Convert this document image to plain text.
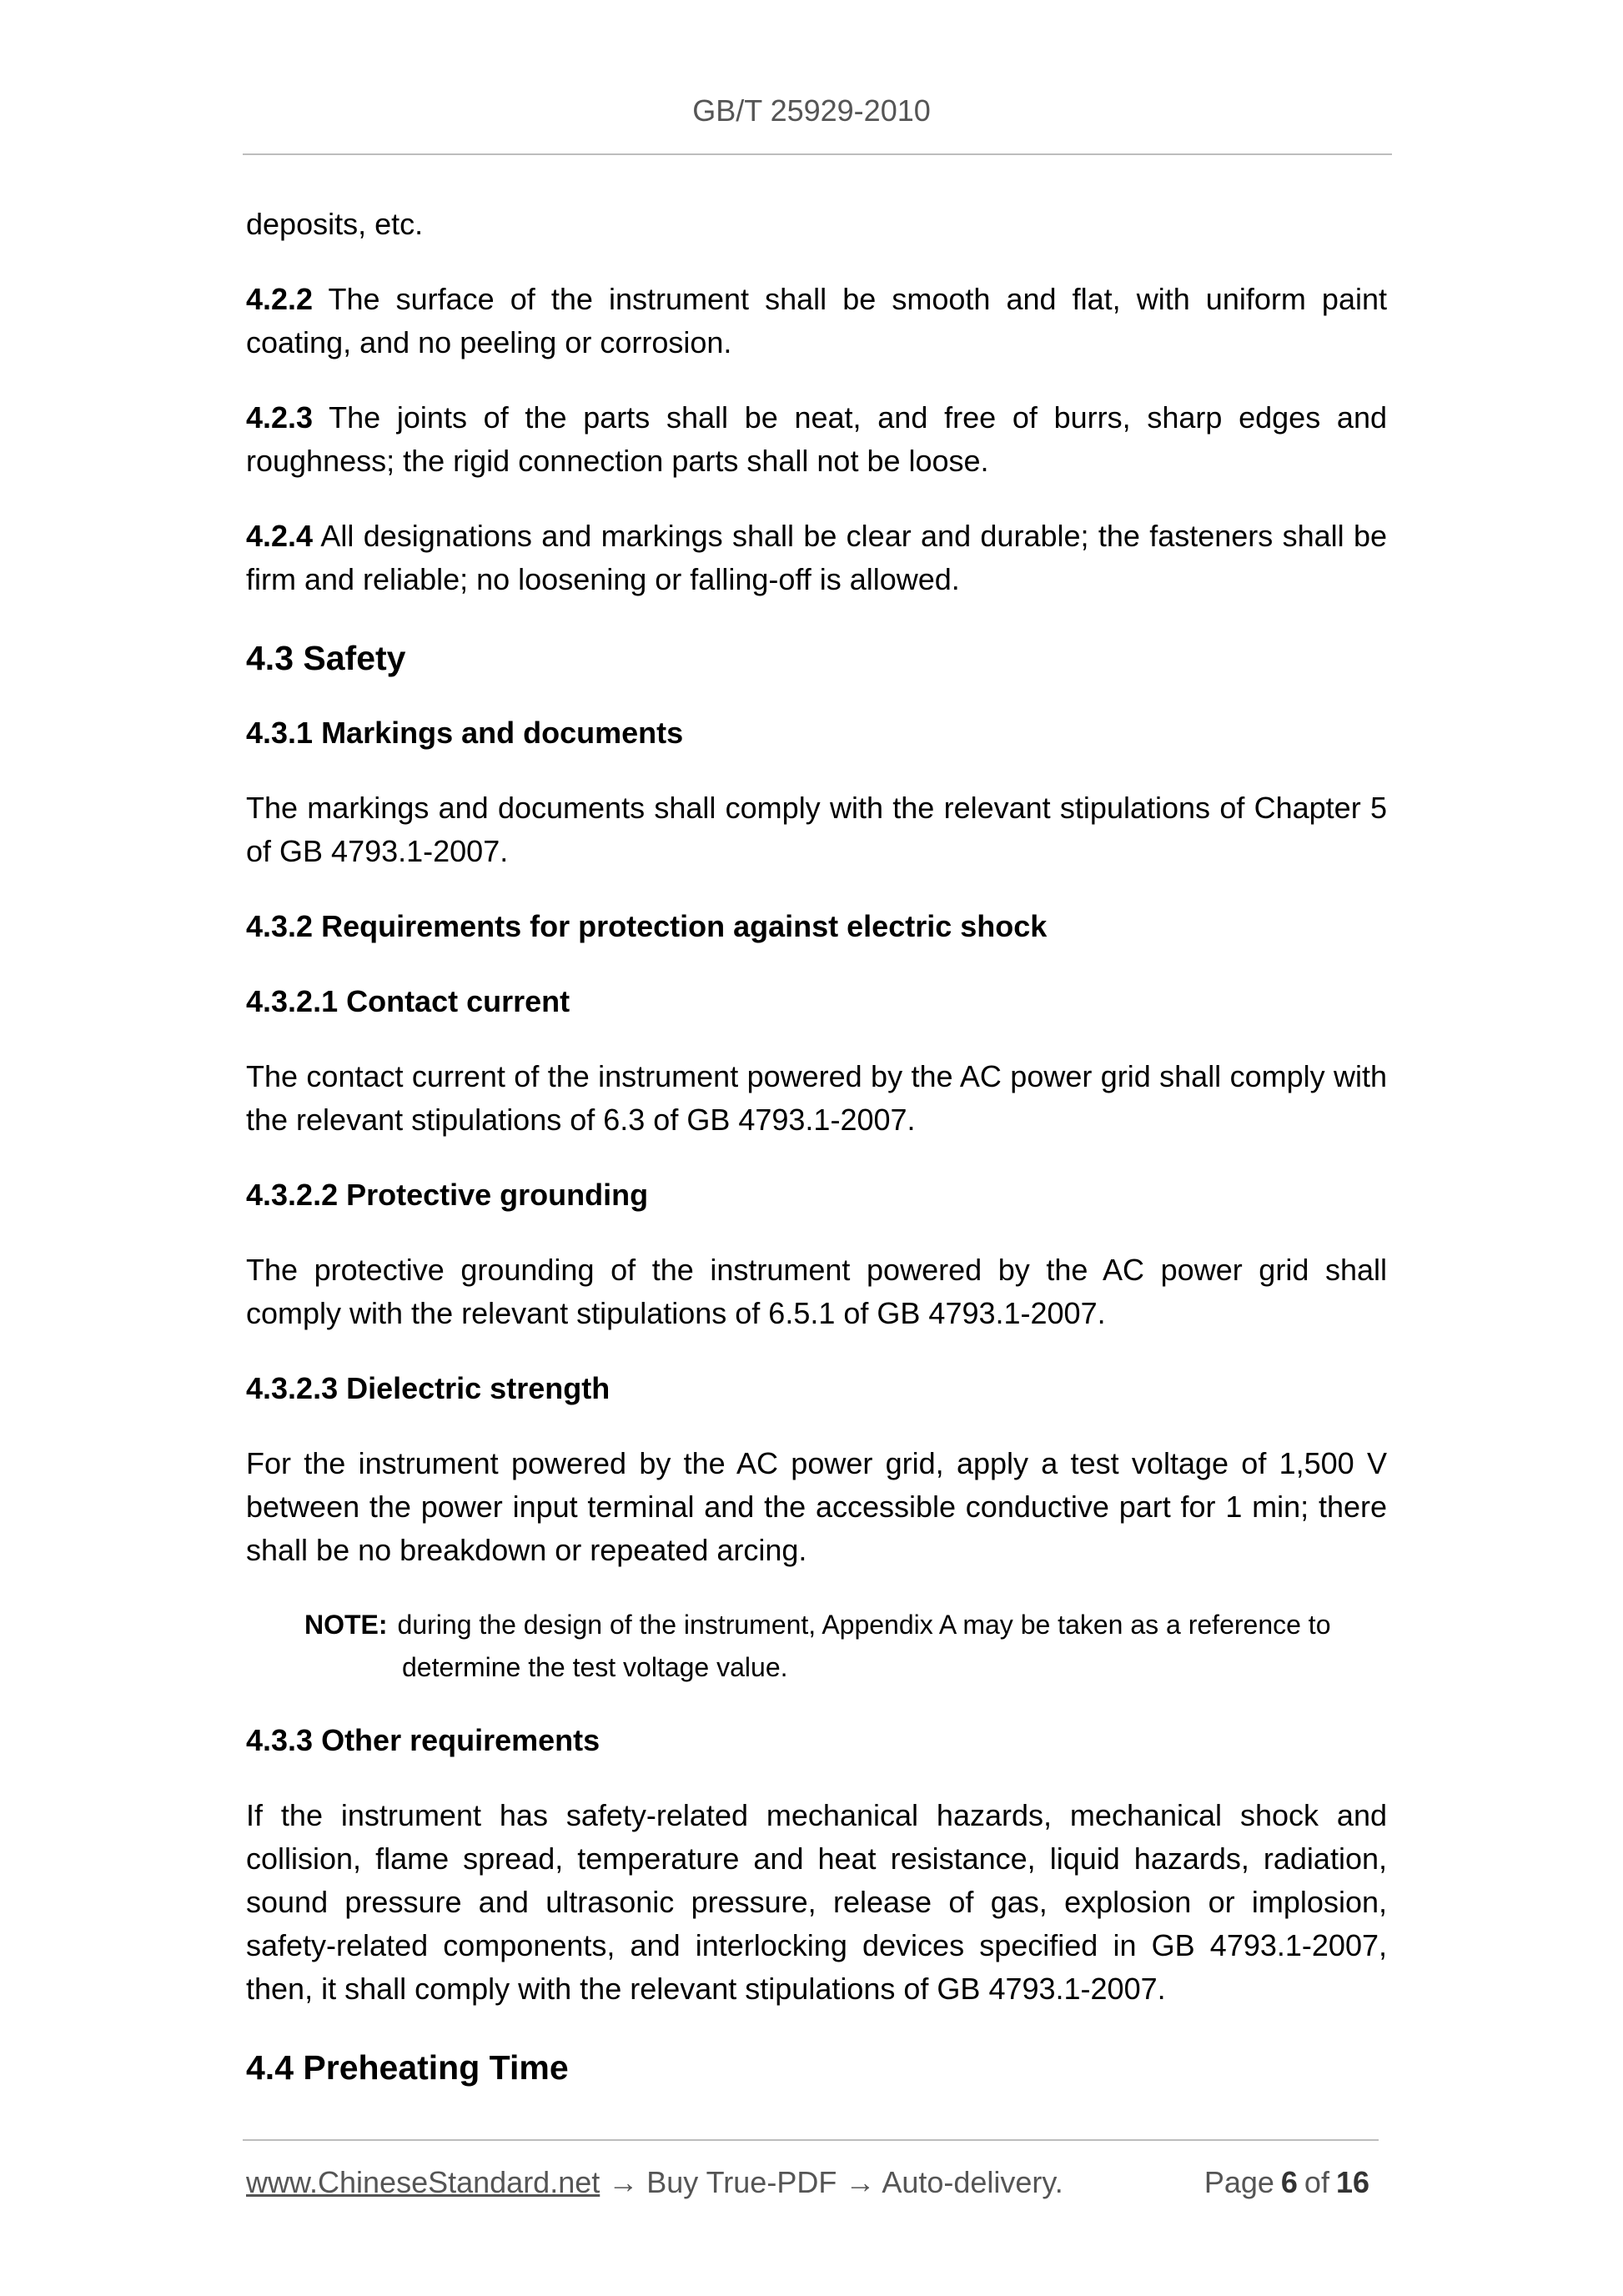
GB/T 25929-2010

deposits, etc.

4.2.2 The surface of the instrument shall be smooth and flat, with uniform paint coating, and no peeling or corrosion.

4.2.3 The joints of the parts shall be neat, and free of burrs, sharp edges and roughness; the rigid connection parts shall not be loose.

4.2.4 All designations and markings shall be clear and durable; the fasteners shall be firm and reliable; no loosening or falling-off is allowed.

4.3 Safety
4.3.1 Markings and documents

The markings and documents shall comply with the relevant stipulations of Chapter 5 of GB 4793.1-2007.

4.3.2 Requirements for protection against electric shock
4.3.2.1 Contact current

The contact current of the instrument powered by the AC power grid shall comply with the relevant stipulations of 6.3 of GB 4793.1-2007.

4.3.2.2 Protective grounding

The protective grounding of the instrument powered by the AC power grid shall comply with the relevant stipulations of 6.5.1 of GB 4793.1-2007.

4.3.2.3 Dielectric strength

For the instrument powered by the AC power grid, apply a test voltage of 1,500 V between the power input terminal and the accessible conductive part for 1 min; there shall be no breakdown or repeated arcing.

NOTE: during the design of the instrument, Appendix A may be taken as a reference to
determine the test voltage value.
4.3.3 Other requirements

If the instrument has safety-related mechanical hazards, mechanical shock and collision, flame spread, temperature and heat resistance, liquid hazards, radiation, sound pressure and ultrasonic pressure, release of gas, explosion or implosion, safety-related components, and interlocking devices specified in GB 4793.1-2007, then, it shall comply with the relevant stipulations of GB 4793.1-2007.

4.4 Preheating Time
www.ChineseStandard.net → Buy True-PDF → Auto-delivery.	Page 6 of 16
